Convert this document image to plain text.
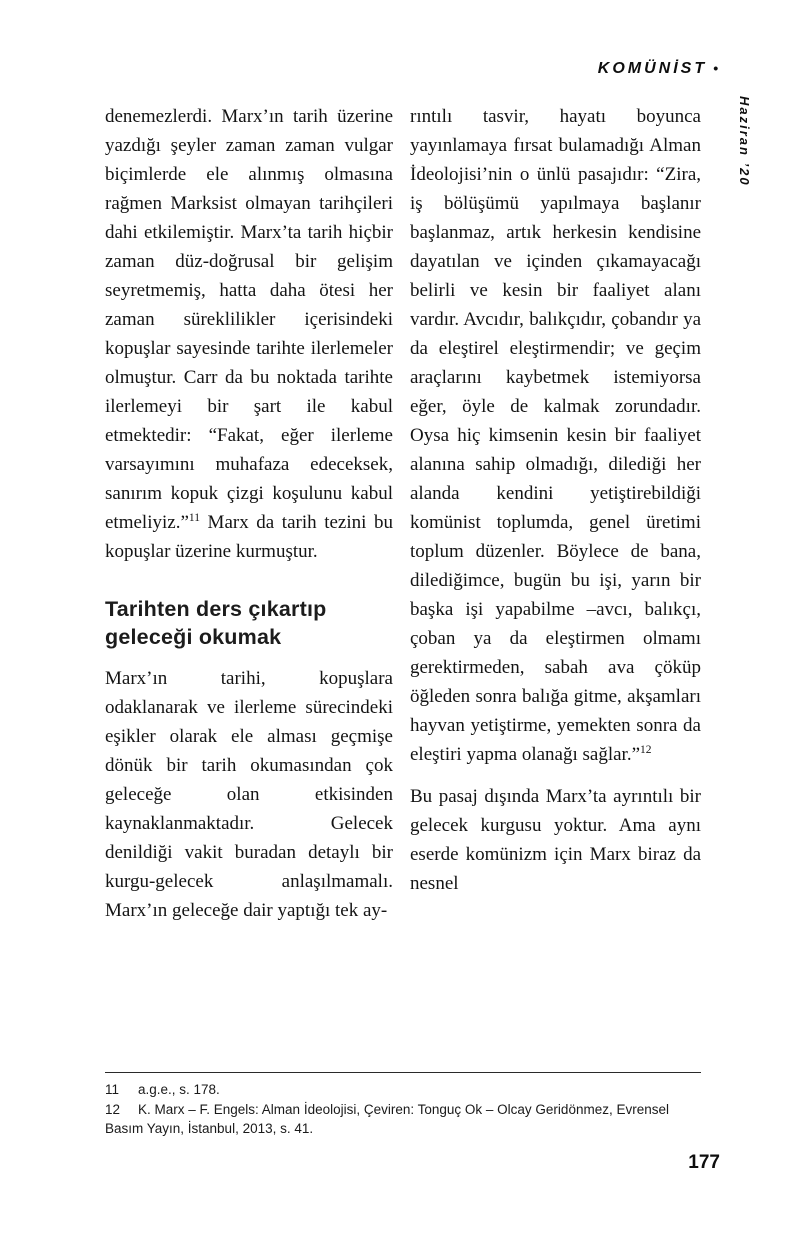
KOMÜNİST •
Haziran ’20

denemezlerdi. Marx’ın tarih üzerine yazdığı şeyler zaman zaman vulgar biçimlerde ele alınmış olmasına rağmen Marksist olmayan tarihçileri dahi etkilemiştir. Marx’ta tarih hiçbir zaman düz-doğrusal bir gelişim seyretmemiş, hatta daha ötesi her zaman süreklilikler içerisindeki kopuşlar sayesinde tarihte ilerlemeler olmuştur. Carr da bu noktada tarihte ilerlemeyi bir şart ile kabul etmektedir: “Fakat, eğer ilerleme varsayımını muhafaza edeceksek, sanırım kopuk çizgi koşulunu kabul etmeliyiz.”$^{11}$ Marx da tarih tezini bu kopuşlar üzerine kurmuştur.

Tarihten ders çıkartıp geleceği okumak

Marx’ın tarihi, kopuşlara odaklanarak ve ilerleme sürecindeki eşikler olarak ele alması geçmişe dönük bir tarih okumasından çok geleceğe olan etkisinden kaynaklanmaktadır. Gelecek denildiği vakit buradan detaylı bir kurgu-gelecek anlaşılmamalı. Marx’ın geleceğe dair yaptığı tek ay-

rıntılı tasvir, hayatı boyunca yayınlamaya fırsat bulamadığı Alman İdeolojisi’nin o ünlü pasajıdır: “Zira, iş bölüşümü yapılmaya başlanır başlanmaz, artık herkesin kendisine dayatılan ve içinden çıkamayacağı belirli ve kesin bir faaliyet alanı vardır. Avcıdır, balıkçıdır, çobandır ya da eleştirel eleştirmendir; ve geçim araçlarını kaybetmek istemiyorsa eğer, öyle de kalmak zorundadır. Oysa hiç kimsenin kesin bir faaliyet alanına sahip olmadığı, dilediği her alanda kendini yetiştirebildiği komünist toplumda, genel üretimi toplum düzenler. Böylece de bana, dilediğimce, bugün bu işi, yarın bir başka işi yapabilme –avcı, balıkçı, çoban ya da eleştirmen olmamı gerektirmeden, sabah ava çöküp öğleden sonra balığa gitme, akşamları hayvan yetiştirme, yemekten sonra da eleştiri yapma olanağı sağlar.”$^{12}$

Bu pasaj dışında Marx’ta ayrıntılı bir gelecek kurgusu yoktur. Ama aynı eserde komünizm için Marx biraz da nesnel

11 a.g.e., s. 178.

12 K. Marx – F. Engels: Alman İdeolojisi, Çeviren: Tonguç Ok – Olcay Geridönmez, Evrensel Basım Yayın, İstanbul, 2013, s. 41.

177
